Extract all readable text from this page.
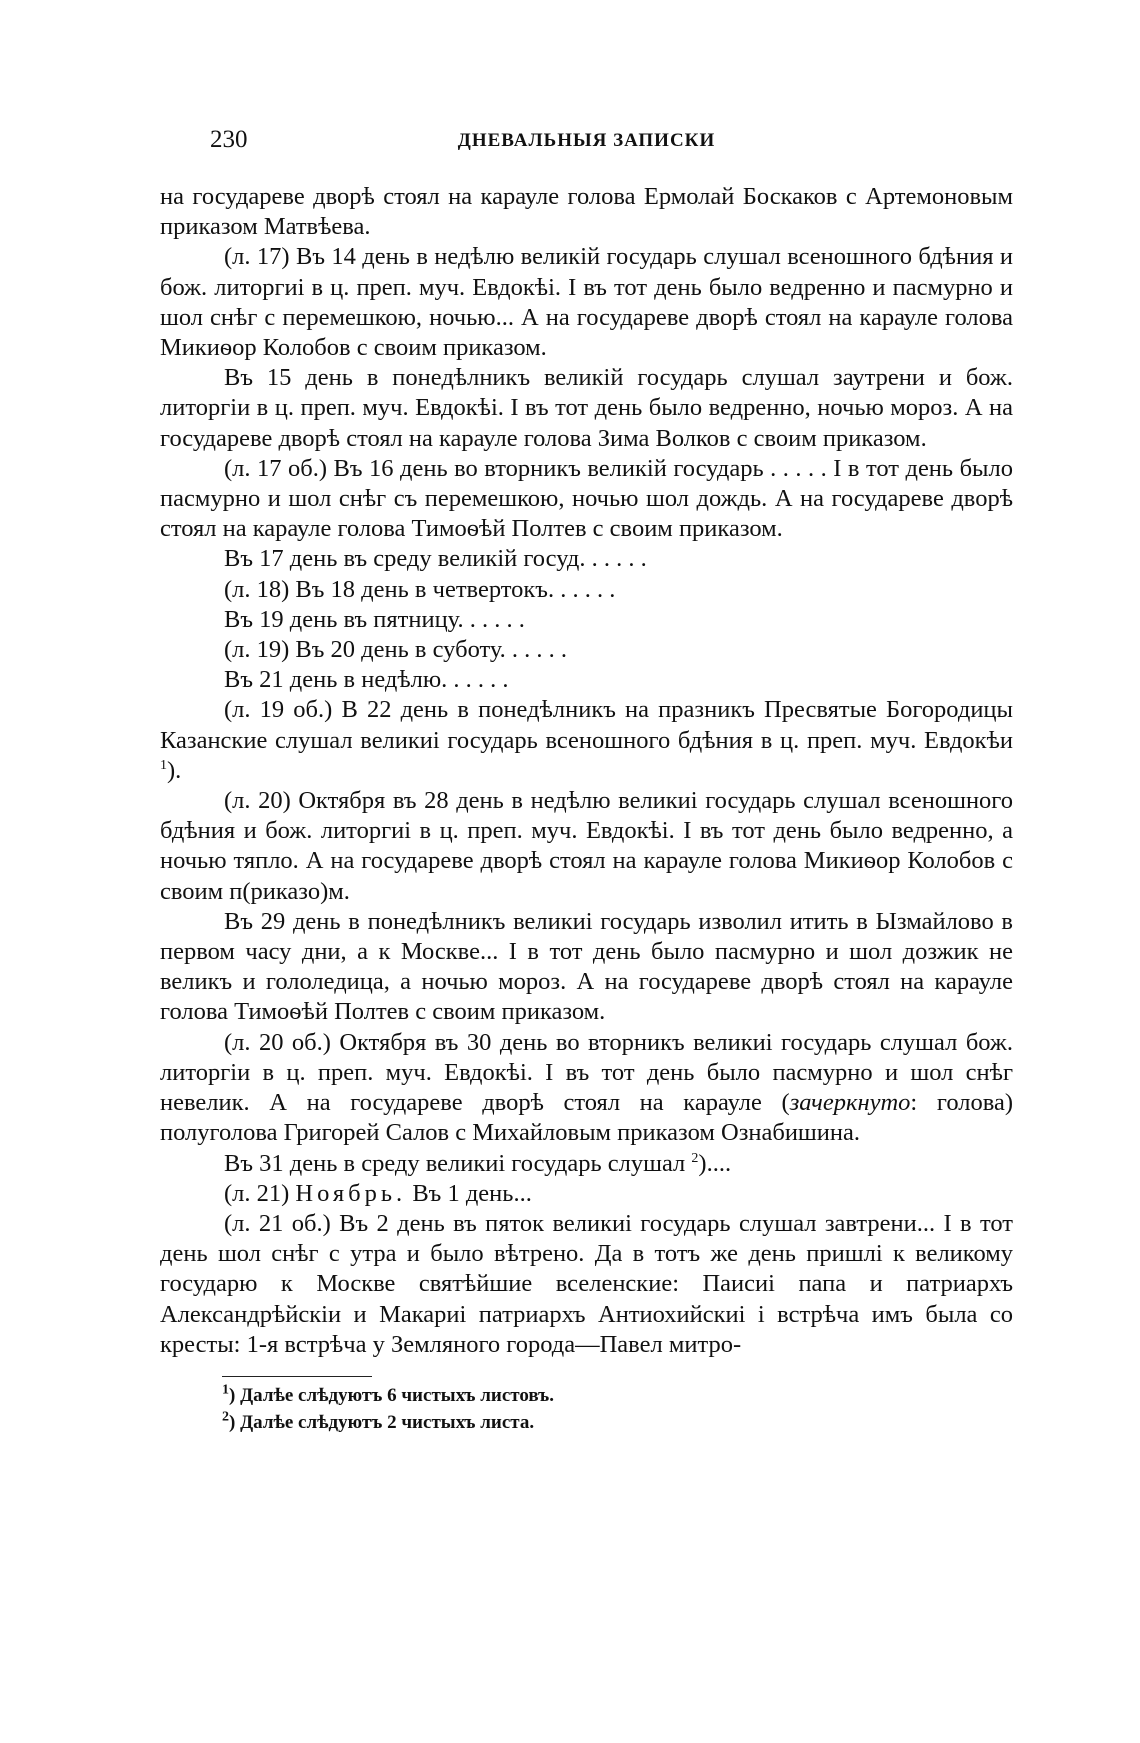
230	ДНЕВАЛЬНЫЯ ЗАПИСКИ

на государеве дворѣ стоял на карауле голова Ермолай Боскаков с Артемоновым приказом Матвѣева.

(л. 17) Въ 14 день в недѣлю великiй государь слушал всеношного бдѣния и бож. литоргиi в ц. преп. муч. Евдокѣi. I въ тот день было ведренно и пасмурно и шол снѣг с перемешкою, ночью... А на государеве дворѣ стоял на карауле голова Микиѳор Колобов с своим приказом.

Въ 15 день в понедѣлникъ великiй государь слушал заутрени и бож. литоргiи в ц. преп. муч. Евдокѣi. I въ тот день было ведренно, ночью мороз. А на государеве дворѣ стоял на карауле голова Зима Волков с своим приказом.

(л. 17 об.) Въ 16 день во вторникъ великiй государь . . . . . I в тот день было пасмурно и шол снѣг съ перемешкою, ночью шол дождь. А на государеве дворѣ стоял на карауле голова Тимоѳѣй Полтев с своим приказом.

Въ 17 день въ среду великiй госуд. . . . . .

(л. 18) Въ 18 день в четвертокъ. . . . . .

Въ 19 день въ пятницу. . . . . .

(л. 19) Въ 20 день в суботу. . . . . .

Въ 21 день в недѣлю. . . . . .

(л. 19 об.) В 22 день в понедѣлникъ на празникъ Пресвятые Богородицы Казанские слушал великиi государь всеношного бдѣния в ц. преп. муч. Евдокѣи $^1$).

(л. 20) Октября въ 28 день в недѣлю великиi государь слушал всеношного бдѣния и бож. литоргиi в ц. преп. муч. Евдокѣi. I въ тот день было ведренно, а ночью тяпло. А на государеве дворѣ стоял на карауле голова Микиѳор Колобов с своим п(риказо)м.

Въ 29 день в понедѣлникъ великиi государь изволил итить в Ызмайлово в первом часу дни, а к Москве... I в тот день было пасмурно и шол дозжик не великъ и гололедица, а ночью мороз. А на государеве дворѣ стоял на карауле голова Тимоѳѣй Полтев с своим приказом.

(л. 20 об.) Октября въ 30 день во вторникъ великиi государь слушал бож. литоргiи в ц. преп. муч. Евдокѣi. I въ тот день было пасмурно и шол снѣг невелик. А на государеве дворѣ стоял на карауле (зачеркнуто: голова) полуголова Григорей Салов с Михайловым приказом Ознабишина.

Въ 31 день в среду великиi государь слушал $^2$)....

(л. 21) Ноябрь. Въ 1 день...

(л. 21 об.) Въ 2 день въ пяток великиi государь слушал завтрени... I в тот день шол снѣг с утра и было вѣтрено. Да в тотъ же день пришлi к великому государю к Москве святѣйшие вселенские: Паисиi папа и патриархъ Александрѣйскiи и Макариi патриархъ Антиохийскиi i встрѣча имъ была со кресты: 1-я встрѣча у Земляного города—Павел митро-

$^1$) Далѣе слѣдуютъ 6 чистыхъ листовъ.
$^2$) Далѣе слѣдуютъ 2 чистыхъ листа.
